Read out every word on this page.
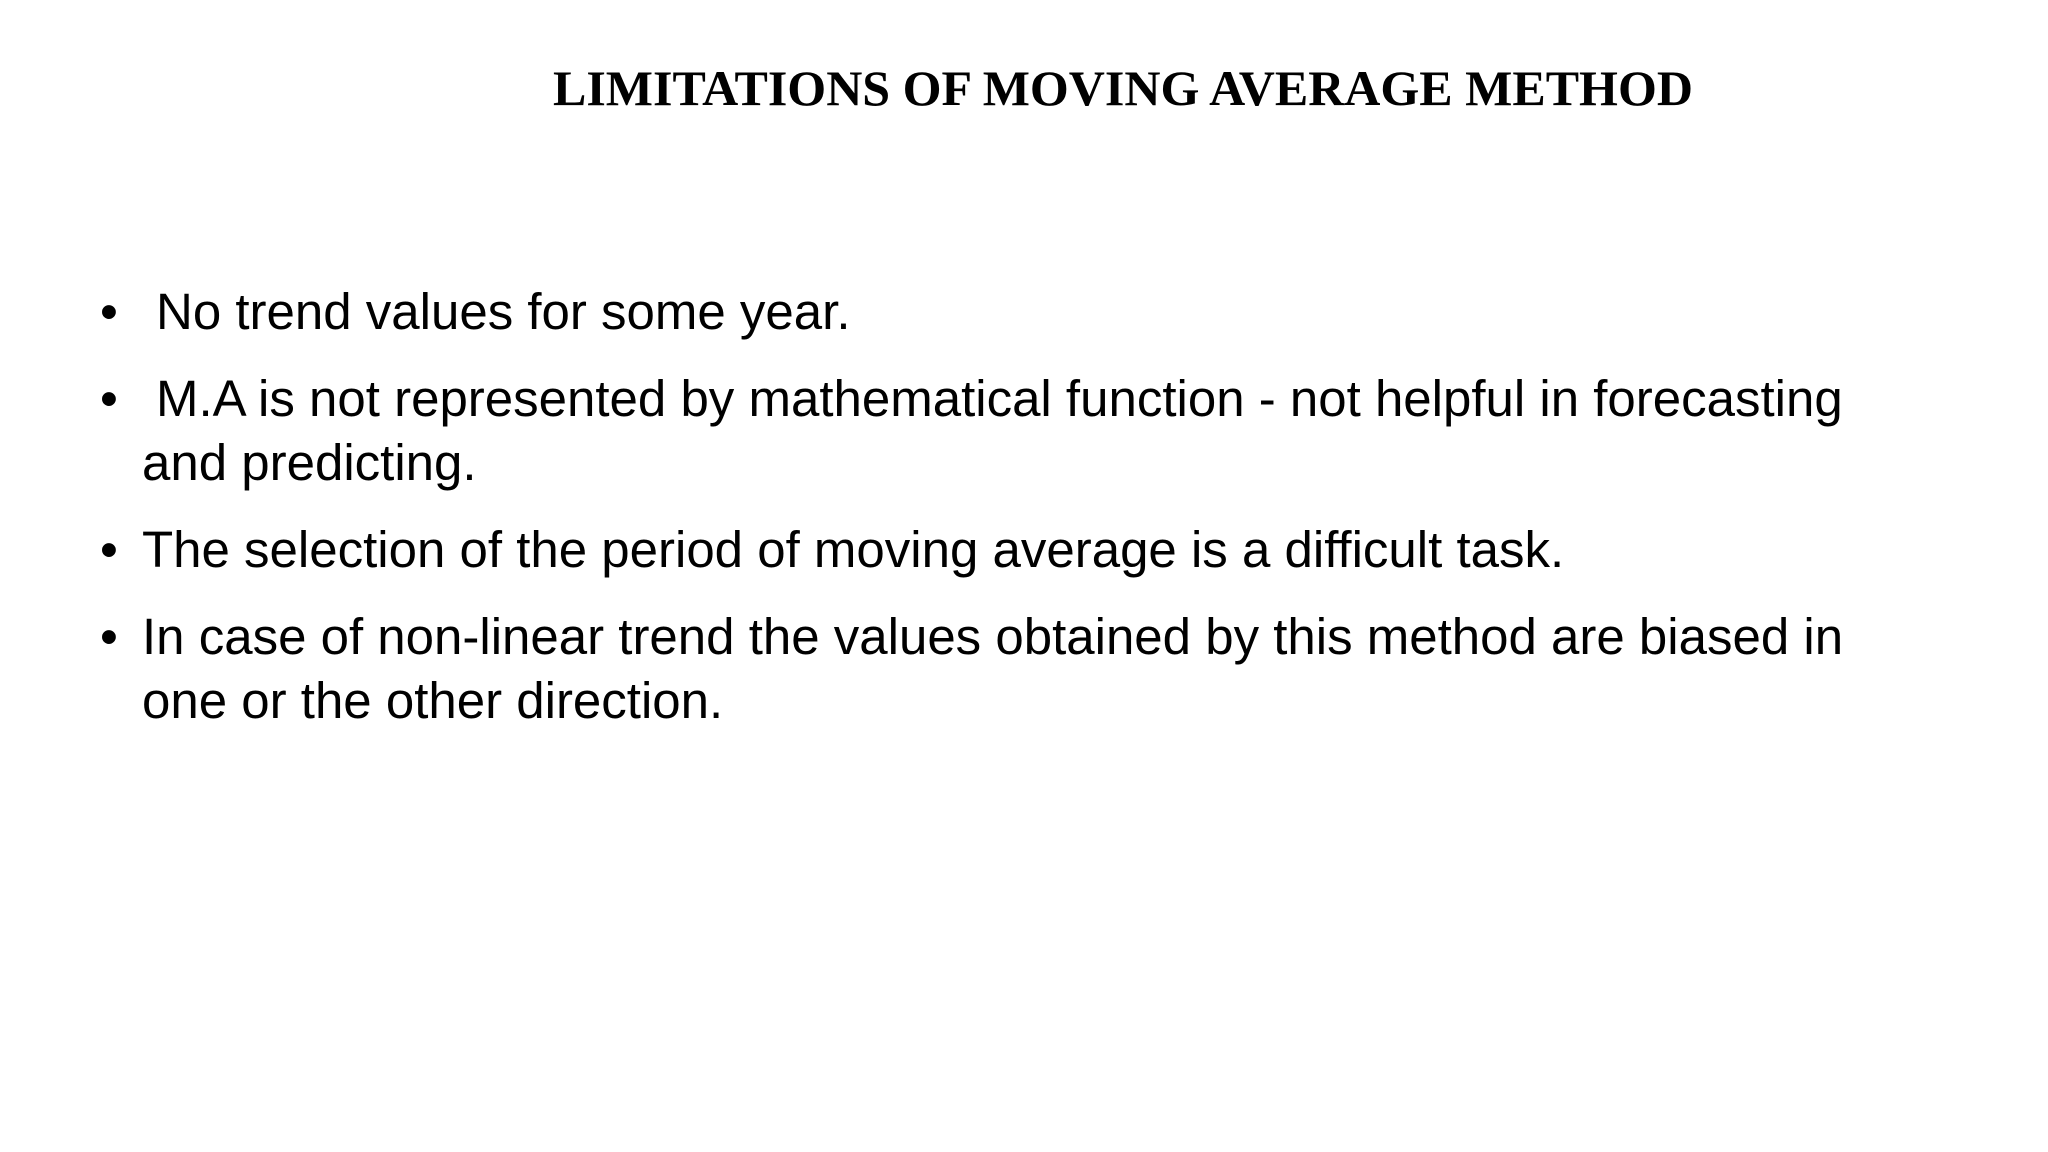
LIMITATIONS OF MOVING AVERAGE METHOD
• No trend values for some year.
• M.A is not represented by mathematical function - not helpful in forecasting and predicting.
• The selection of the period of moving average is a difficult task.
• In case of non-linear trend the values obtained by this method are biased in one or the other direction.
